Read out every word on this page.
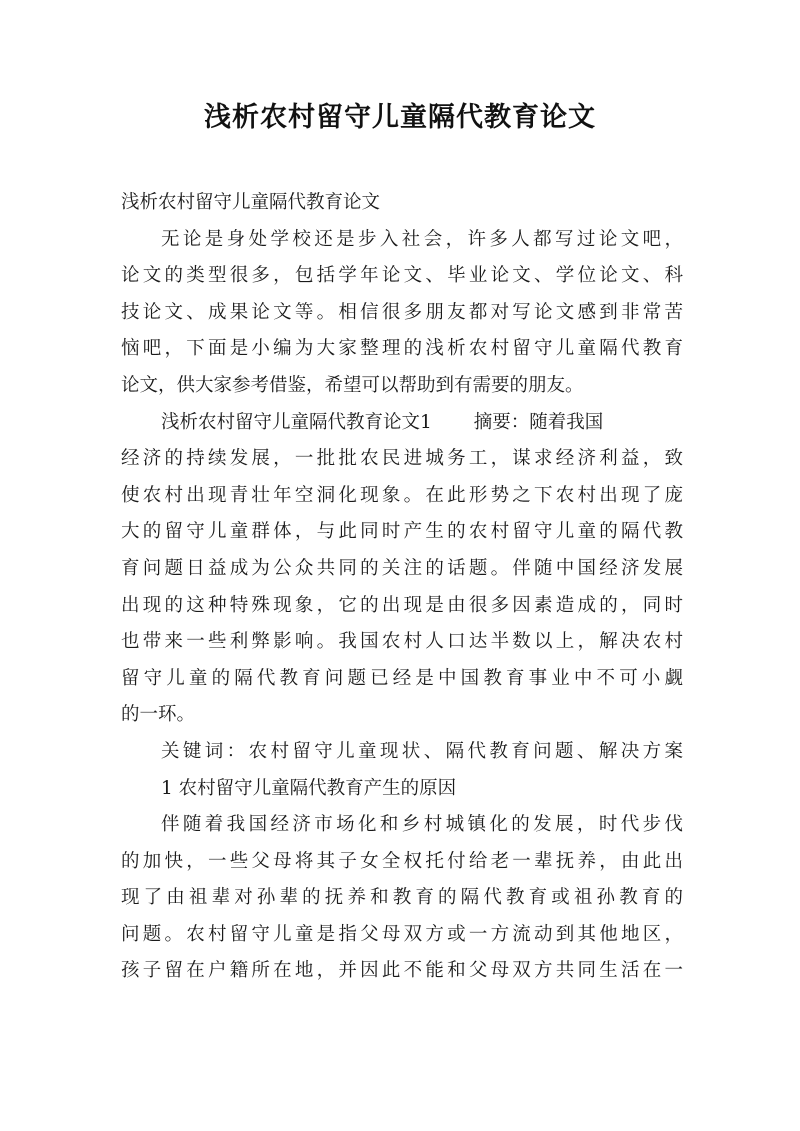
浅析农村留守儿童隔代教育论文
浅析农村留守儿童隔代教育论文
无论是身处学校还是步入社会，许多人都写过论文吧，
论文的类型很多，包括学年论文、毕业论文、学位论文、科
技论文、成果论文等。相信很多朋友都对写论文感到非常苦
恼吧，下面是小编为大家整理的浅析农村留守儿童隔代教育
论文，供大家参考借鉴，希望可以帮助到有需要的朋友。
浅析农村留守儿童隔代教育论文1 摘要：随着我国
经济的持续发展，一批批农民进城务工，谋求经济利益，致
使农村出现青壮年空洞化现象。在此形势之下农村出现了庞
大的留守儿童群体，与此同时产生的农村留守儿童的隔代教
育问题日益成为公众共同的关注的话题。伴随中国经济发展
出现的这种特殊现象，它的出现是由很多因素造成的，同时
也带来一些利弊影响。我国农村人口达半数以上，解决农村
留守儿童的隔代教育问题已经是中国教育事业中不可小觑
的一环。
关键词：农村留守儿童现状、隔代教育问题、解决方案
1 农村留守儿童隔代教育产生的原因
伴随着我国经济市场化和乡村城镇化的发展，时代步伐
的加快，一些父母将其子女全权托付给老一辈抚养，由此出
现了由祖辈对孙辈的抚养和教育的隔代教育或祖孙教育的
问题。农村留守儿童是指父母双方或一方流动到其他地区，
孩子留在户籍所在地，并因此不能和父母双方共同生活在一
